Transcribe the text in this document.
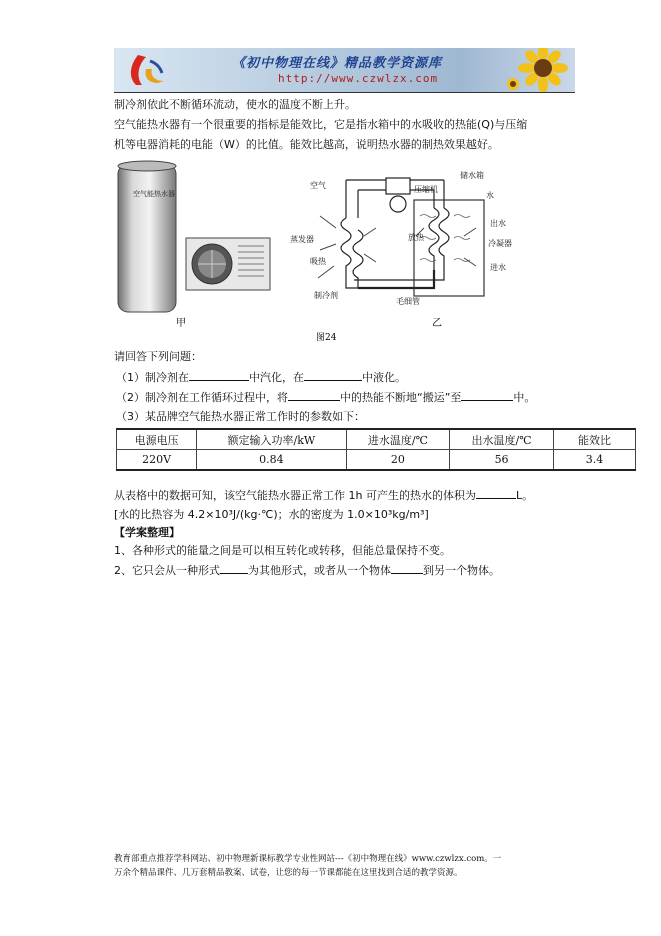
《初中物理在线》精品教学资源库
http://www.czwlzx.com
制冷剂依此不断循环流动，使水的温度不断上升。
空气能热水器有一个很重要的指标是能效比，它是指水箱中的水吸收的热能(Q)与压缩
机等电器消耗的电能（W）的比值。能效比越高，说明热水器的制热效果越好。
空气能热水器
甲
空气	压缩机
储水箱
水
蒸发器	放热
出水
冷凝器
吸热
进水
制冷剂
毛细管
图24
乙
请回答下列问题：
（1）制冷剂在	中汽化，在	中液化。
（2）制冷剂在工作循环过程中，将	中的热能不断地“搬运”至	中。
（3）某品牌空气能热水器正常工作时的参数如下：
电源电压	额定输入功率/kW	进水温度/℃	出水温度/℃	能效比
220V	0.84	20	56	3.4
从表格中的数据可知，该空气能热水器正常工作 1h 可产生的热水的体积为	L。
[水的比热容为 4.2×10³J/(kg·℃)；水的密度为 1.0×10³kg/m³]
【学案整理】
1、各种形式的能量之间是可以相互转化或转移，但能总量保持不变。
2、它只会从一种形式	为其他形式，或者从一个物体	到另一个物体。
教育部重点推荐学科网站、初中物理新课标教学专业性网站---《初中物理在线》www.czwlzx.com。一
万余个精品课件、几万套精品教案、试卷，让您的每一节课都能在这里找到合适的教学资源。
